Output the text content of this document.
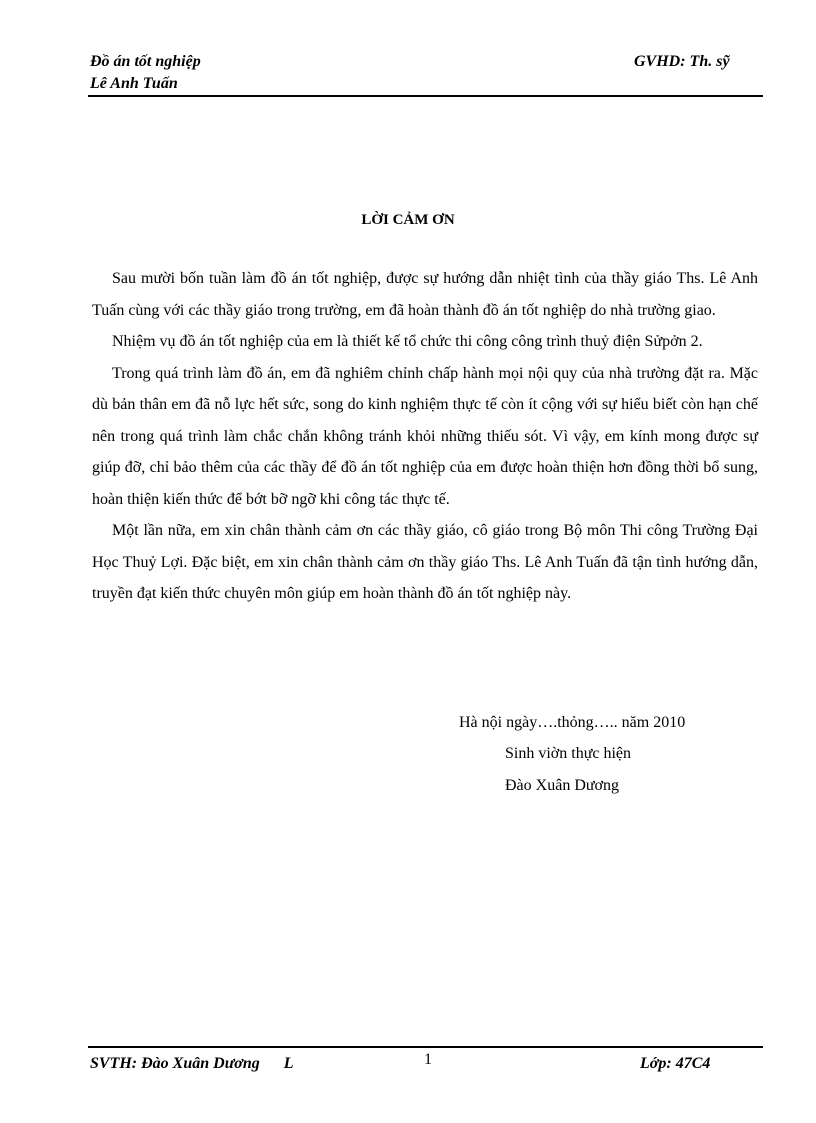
Đồ án tốt nghiệp
Lê Anh Tuấn
GVHD: Th. sỹ
LỜI CẢM ƠN

Sau mười bốn tuần làm đồ án tốt nghiệp, được sự hướng dẫn nhiệt tình của thầy giáo Ths. Lê Anh Tuấn cùng với các thầy giáo trong trường, em đã hoàn thành đồ án tốt nghiệp do nhà trường giao.

Nhiệm vụ đồ án tốt nghiệp của em là thiết kế tổ chức thi công công trình thuỷ điện Sửpởn 2.

Trong quá trình làm đồ án, em đã nghiêm chỉnh chấp hành mọi nội quy của nhà trường đặt ra. Mặc dù bản thân em đã nỗ lực hết sức, song do kinh nghiệm thực tế còn ít cộng với sự hiểu biết còn hạn chế nên trong quá trình làm chắc chắn không tránh khỏi những thiếu sót. Vì vậy, em kính mong được sự giúp đỡ, chỉ bảo thêm của các thầy để đồ án tốt nghiệp của em được hoàn thiện hơn đồng thời bổ sung, hoàn thiện kiến thức để bớt bỡ ngỡ khi công tác thực tế.

Một lần nữa, em xin chân thành cảm ơn các thầy giáo, cô giáo trong Bộ môn Thi công Trường Đại Học Thuỷ Lợi. Đặc biệt, em xin chân thành cảm ơn thầy giáo Ths. Lê Anh Tuấn đã tận tình hướng dẫn, truyền đạt kiến thức chuyên môn giúp em hoàn thành đồ án tốt nghiệp này.

Hà nội ngày….thỏng….. năm 2010
Sinh viờn thực hiện
Đào Xuân Dương
SVTH: Đào Xuân Dương      L	1	Lớp: 47C4
